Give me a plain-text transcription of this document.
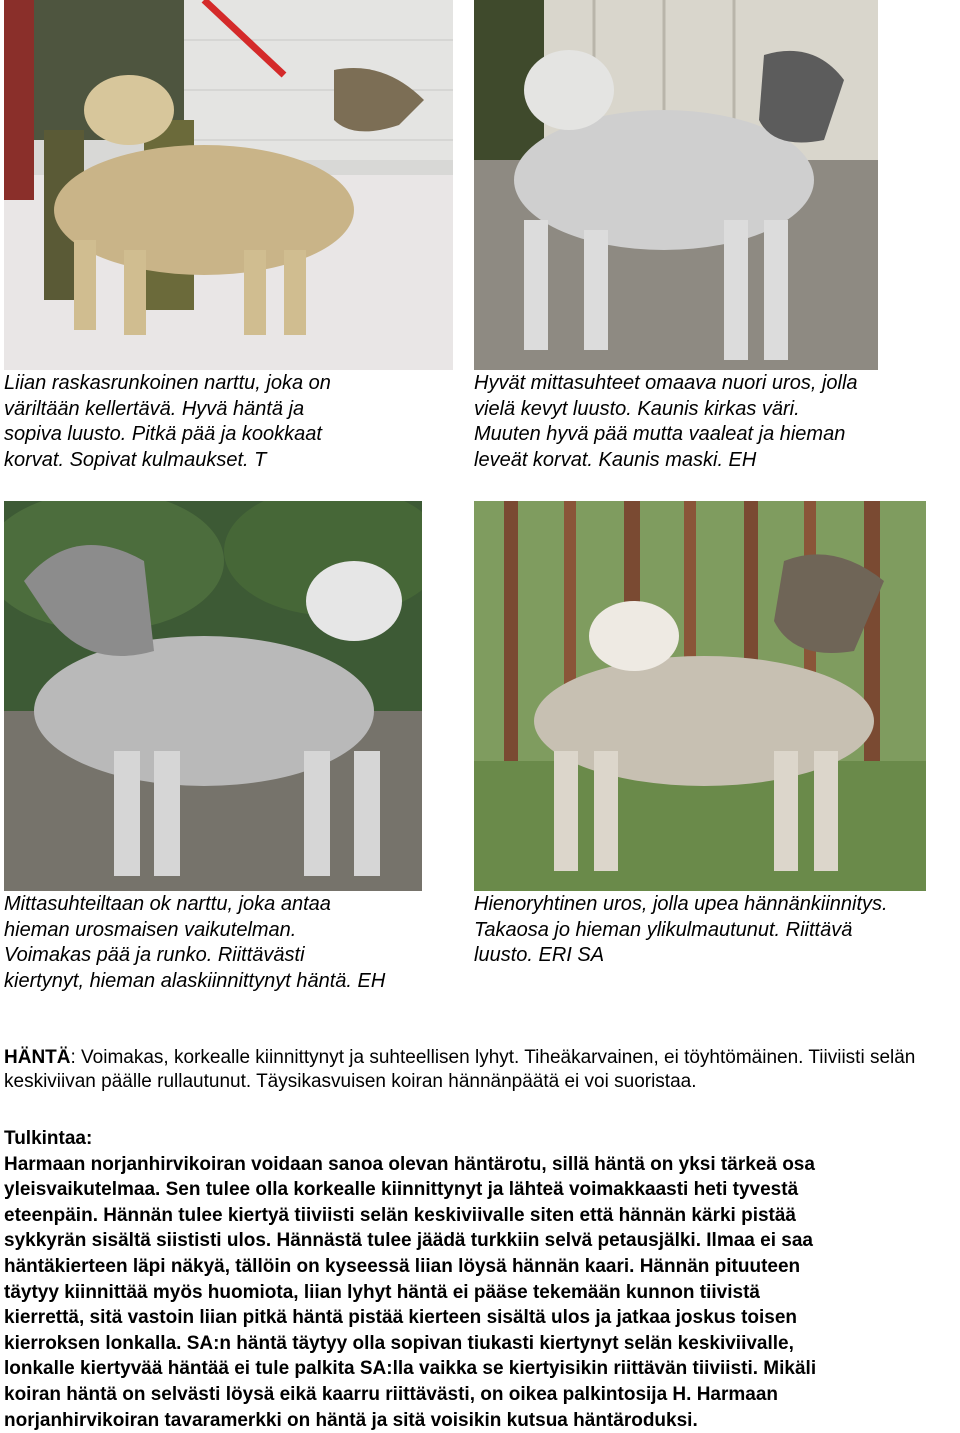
Liian raskasrunkoinen narttu, joka on
väriltään kellertävä. Hyvä häntä ja
sopiva luusto. Pitkä pää ja kookkaat
korvat. Sopivat kulmaukset. T

Hyvät mittasuhteet omaava nuori uros, jolla
vielä kevyt luusto. Kaunis kirkas väri.
Muuten hyvä pää mutta vaaleat ja hieman
leveät korvat. Kaunis maski. EH

Mittasuhteiltaan ok narttu, joka antaa
hieman urosmaisen vaikutelman.
Voimakas pää ja runko. Riittävästi
kiertynyt, hieman alaskiinnittynyt häntä. EH

Hienoryhtinen uros, jolla upea hännänkiinnitys.
Takaosa jo hieman ylikulmautunut. Riittävä
luusto. ERI SA

HÄNTÄ: Voimakas, korkealle kiinnittynyt ja suhteellisen lyhyt. Tiheäkarvainen, ei töyhtömäinen. Tiiviisti selän keskiviivan päälle rullautunut. Täysikasvuisen koiran hännänpäätä ei voi suoristaa.

Tulkintaa:
Harmaan norjanhirvikoiran voidaan sanoa olevan häntärotu, sillä häntä on yksi tärkeä osa
yleisvaikutelmaa. Sen tulee olla korkealle kiinnittynyt ja lähteä voimakkaasti heti tyvestä
eteenpäin. Hännän tulee kiertyä tiiviisti selän keskiviivalle siten että hännän kärki pistää
sykkyrän sisältä siististi ulos. Hännästä tulee jäädä turkkiin selvä petausjälki. Ilmaa ei saa
häntäkierteen läpi näkyä, tällöin on kyseessä liian löysä hännän kaari. Hännän pituuteen
täytyy kiinnittää myös huomiota, liian lyhyt häntä ei pääse tekemään kunnon tiivistä
kierrettä, sitä vastoin liian pitkä häntä pistää kierteen sisältä ulos ja jatkaa joskus toisen
kierroksen lonkalla. SA:n häntä täytyy olla sopivan tiukasti kiertynyt selän keskiviivalle,
lonkalle kiertyvää häntää ei tule palkita SA:lla vaikka se kiertyisikin riittävän tiiviisti. Mikäli
koiran häntä on selvästi löysä eikä kaarru riittävästi, on oikea palkintosija H. Harmaan
norjanhirvikoiran tavaramerkki on häntä ja sitä voisikin kutsua häntäroduksi.
